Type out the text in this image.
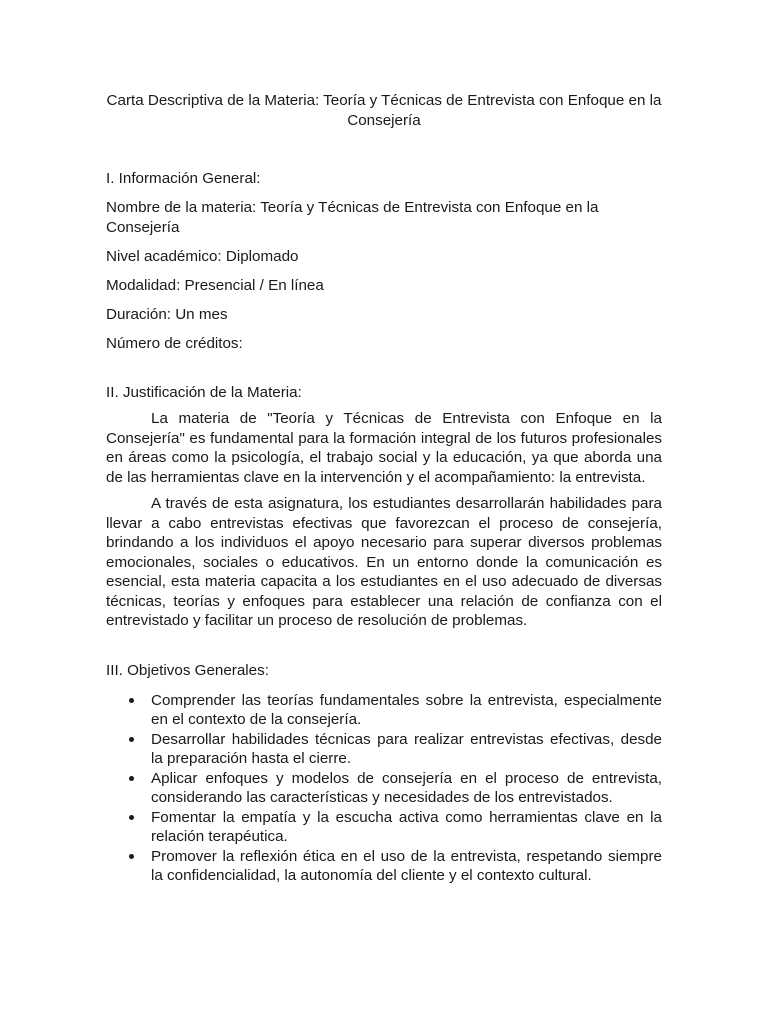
Carta Descriptiva de la Materia: Teoría y Técnicas de Entrevista con Enfoque en la Consejería
I. Información General:

Nombre de la materia: Teoría y Técnicas de Entrevista con Enfoque en la Consejería

Nivel académico: Diplomado

Modalidad: Presencial / En línea

Duración: Un mes

Número de créditos:

II. Justificación de la Materia:

La materia de "Teoría y Técnicas de Entrevista con Enfoque en la Consejería" es fundamental para la formación integral de los futuros profesionales en áreas como la psicología, el trabajo social y la educación, ya que aborda una de las herramientas clave en la intervención y el acompañamiento: la entrevista.

A través de esta asignatura, los estudiantes desarrollarán habilidades para llevar a cabo entrevistas efectivas que favorezcan el proceso de consejería, brindando a los individuos el apoyo necesario para superar diversos problemas emocionales, sociales o educativos. En un entorno donde la comunicación es esencial, esta materia capacita a los estudiantes en el uso adecuado de diversas técnicas, teorías y enfoques para establecer una relación de confianza con el entrevistado y facilitar un proceso de resolución de problemas.

III. Objetivos Generales:
Comprender las teorías fundamentales sobre la entrevista, especialmente en el contexto de la consejería.
Desarrollar habilidades técnicas para realizar entrevistas efectivas, desde la preparación hasta el cierre.
Aplicar enfoques y modelos de consejería en el proceso de entrevista, considerando las características y necesidades de los entrevistados.
Fomentar la empatía y la escucha activa como herramientas clave en la relación terapéutica.
Promover la reflexión ética en el uso de la entrevista, respetando siempre la confidencialidad, la autonomía del cliente y el contexto cultural.
